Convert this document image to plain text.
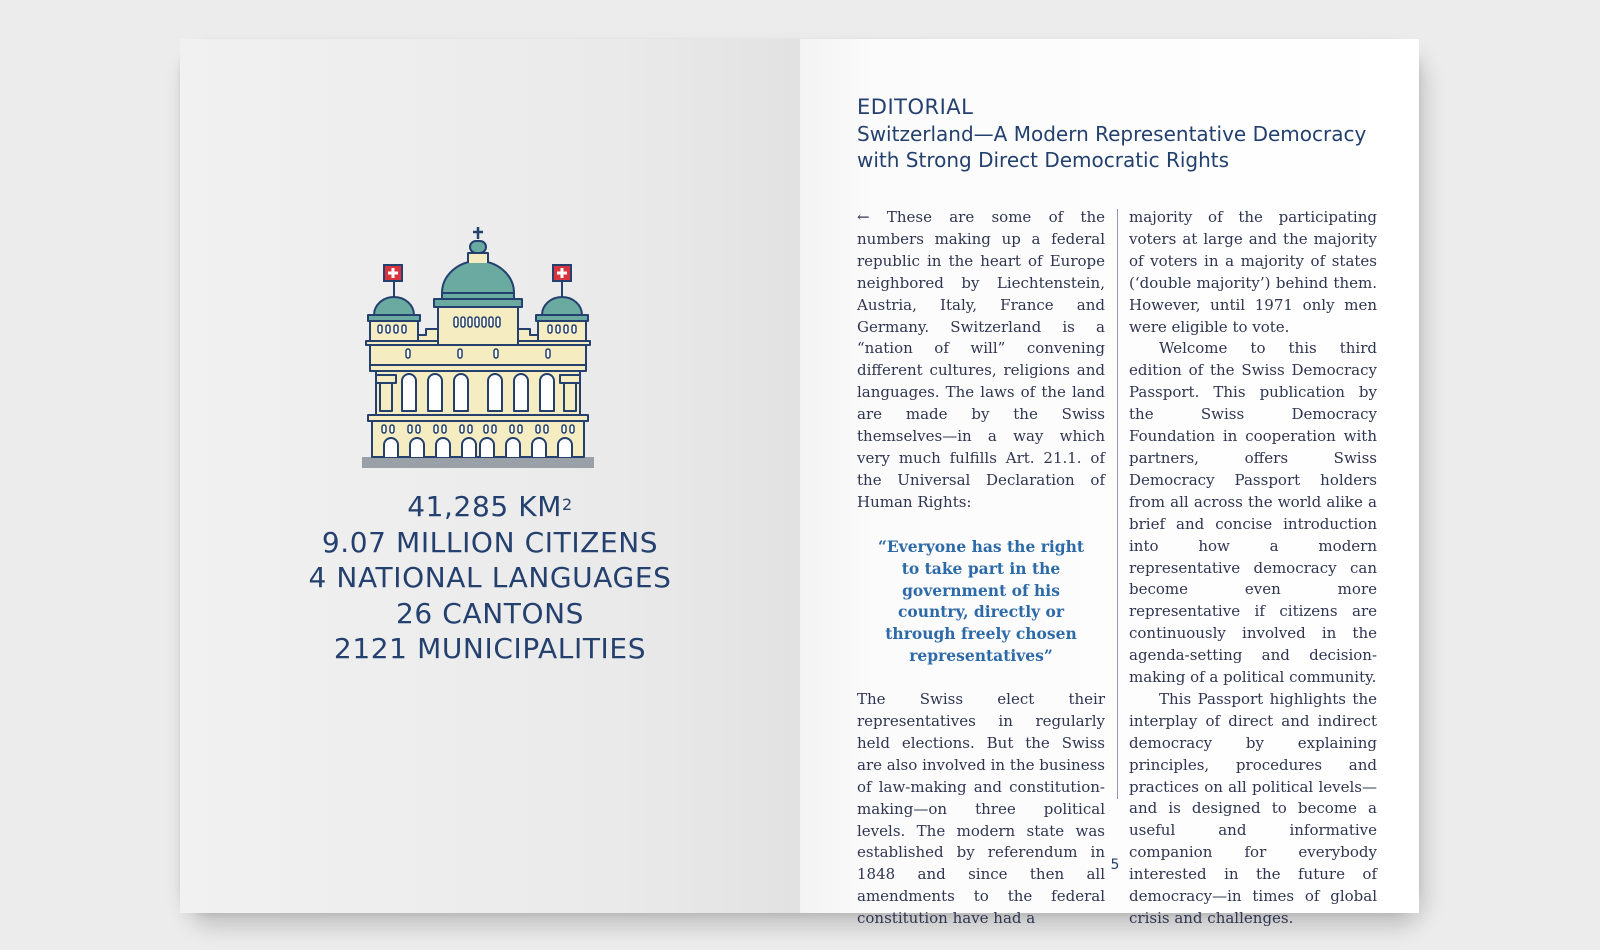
41,285 $KM^2$
9.07 MILLION CITIZENS
4 NATIONAL LANGUAGES
26 CANTONS
2121 MUNICIPALITIES
EDITORIAL
Switzerland—A Modern Representative Democracy
with Strong Direct Democratic Rights

← These are some of the numbers making up a federal republic in the heart of Europe neighbored by Liechtenstein, Austria, Italy, France and Germany. Switzerland is a “nation of will” convening different cultures, religions and languages. The laws of the land are made by the Swiss themselves—in a way which very much fulfills Art. 21.1. of the Universal Declaration of Human Rights:

“Everyone has the right to take part in the government of his country, directly or through freely chosen representatives”

The Swiss elect their representatives in regularly held elections. But the Swiss are also involved in the business of law-making and constitution-making—on three political levels. The modern state was established by referendum in 1848 and since then all amendments to the federal constitution have had a

majority of the participating voters at large and the majority of voters in a majority of states (‘double majority’) behind them. However, until 1971 only men were eligible to vote.

Welcome to this third edition of the Swiss Democracy Passport. This publication by the Swiss Democracy Foundation in cooperation with partners, offers Swiss Democracy Passport holders from all across the world alike a brief and concise introduction into how a modern representative democracy can become even more representative if citizens are continuously involved in the agenda-setting and decision-making of a political community.

This Passport highlights the interplay of direct and indirect democracy by explaining principles, procedures and practices on all political levels—and is designed to become a useful and informative companion for everybody interested in the future of democracy—in times of global crisis and challenges.

5
